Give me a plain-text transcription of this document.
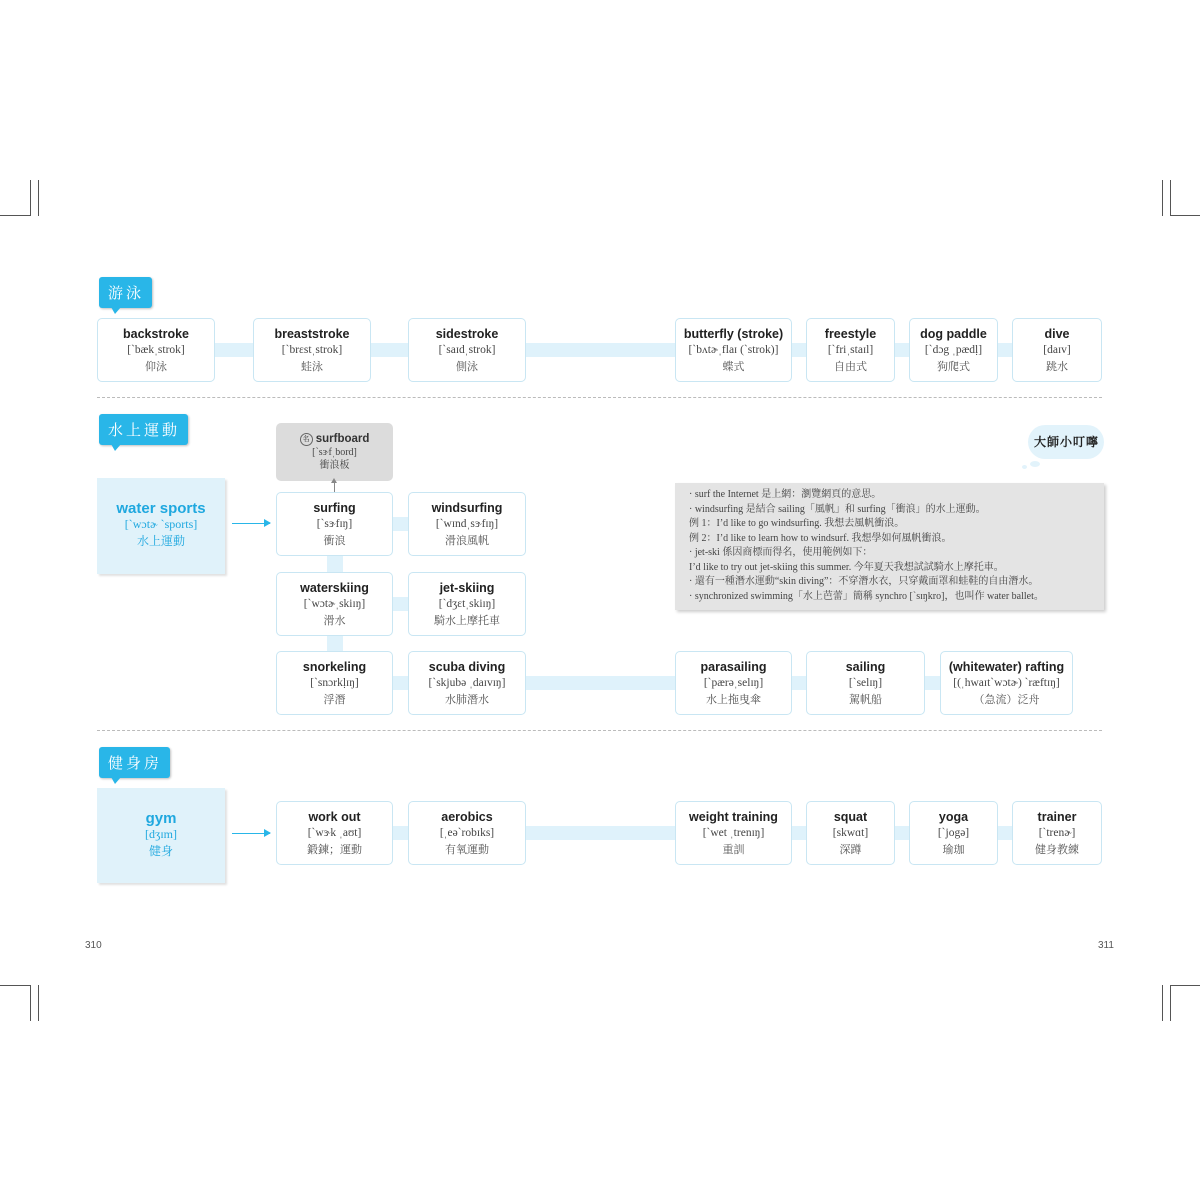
游泳
backstroke
[ˋbækˌstrok]
仰泳
breaststroke
[ˋbrɛstˌstrok]
蛙泳
sidestroke
[ˋsaɪdˌstrok]
側泳
butterfly (stroke)
[ˋbʌtɚˌflaɪ (ˋstrok)]
蝶式
freestyle
[ˋfriˌstaɪl]
自由式
dog paddle
[ˋdɔg ˌpædḷ]
狗爬式
dive
[daɪv]
跳水
水上運動
water sports
[ˋwɔtɚ ˋsports]
水上運動
名 surfboard
[ˋsɝfˌbord]
衝浪板
surfing
[ˋsɝfɪŋ]
衝浪
windsurfing
[ˋwɪndˌsɝfɪŋ]
滑浪風帆
waterskiing
[ˋwɔtɚˌskiɪŋ]
滑水
jet-skiing
[ˋdʒɛtˌskiɪŋ]
騎水上摩托車
snorkeling
[ˋsnɔrkḷɪŋ]
浮潛
scuba diving
[ˋskjubə ˌdaɪvɪŋ]
水肺潛水
parasailing
[ˋpærəˌselɪŋ]
水上拖曳傘
sailing
[ˋselɪŋ]
駕帆船
(whitewater) rafting
[(ˌhwaɪtˋwɔtɚ) ˋræftɪŋ]
（急流）泛舟
大師小叮嚀
· surf the Internet 是上網：瀏覽網頁的意思。
· windsurfing 是結合 sailing「風帆」和 surfing「衝浪」的水上運動。
例 1：I’d like to go windsurfing. 我想去風帆衝浪。
例 2：I’d like to learn how to windsurf. 我想學如何風帆衝浪。
· jet-ski 係因商標而得名，使用範例如下：
I’d like to try out jet-skiing this summer. 今年夏天我想試試騎水上摩托車。
· 還有一種潛水運動“skin diving”：不穿潛水衣，只穿戴面罩和蛙鞋的自由潛水。
· synchronized swimming「水上芭蕾」簡稱 synchro [ˋsɪŋkro]，也叫作 water ballet。
健身房
gym
[dʒɪm]
健身
work out
[ˋwɝk ˌaʊt]
鍛鍊；運動
aerobics
[ˌeəˋrobɪks]
有氧運動
weight training
[ˋwet ˌtrenɪŋ]
重訓
squat
[skwɑt]
深蹲
yoga
[ˋjogə]
瑜珈
trainer
[ˋtrenɚ]
健身教練
310	311
